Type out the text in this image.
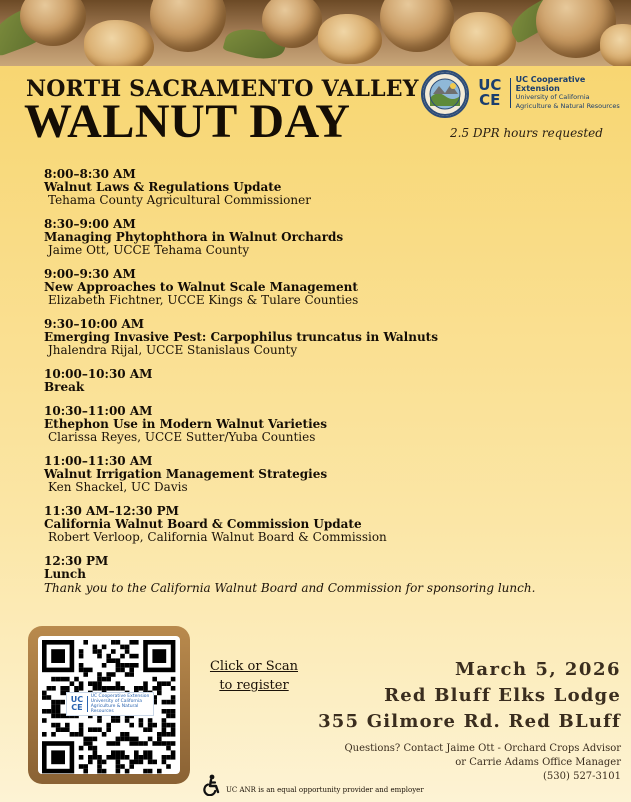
NORTH SACRAMENTO VALLEY
WALNUT DAY
UC
CE
UC Cooperative Extension
University of California
Agriculture & Natural Resources
2.5 DPR hours requested
8:00–8:30 AM
Walnut Laws & Regulations Update
Tehama County Agricultural Commissioner
8:30–9:00 AM
Managing Phytophthora in Walnut Orchards
Jaime Ott, UCCE Tehama County
9:00–9:30 AM
New Approaches to Walnut Scale Management
Elizabeth Fichtner, UCCE Kings & Tulare Counties
9:30–10:00 AM
Emerging Invasive Pest: Carpophilus truncatus in Walnuts
Jhalendra Rijal, UCCE Stanislaus County
10:00–10:30 AM
Break
10:30–11:00 AM
Ethephon Use in Modern Walnut Varieties
Clarissa Reyes, UCCE Sutter/Yuba Counties
11:00–11:30 AM
Walnut Irrigation Management Strategies
Ken Shackel, UC Davis
11:30 AM–12:30 PM
California Walnut Board & Commission Update
Robert Verloop, California Walnut Board & Commission
12:30 PM
Lunch
Thank you to the California Walnut Board and Commission for sponsoring lunch.
UC
CE
UC Cooperative Extension
University of California
Agriculture & Natural Resources
Click or Scan
to register
March 5, 2026
Red Bluff Elks Lodge
355 Gilmore Rd. Red BLuff
Questions? Contact Jaime Ott - Orchard Crops Advisor
or Carrie Adams Office Manager
(530) 527-3101
UC ANR is an equal opportunity provider and employer
